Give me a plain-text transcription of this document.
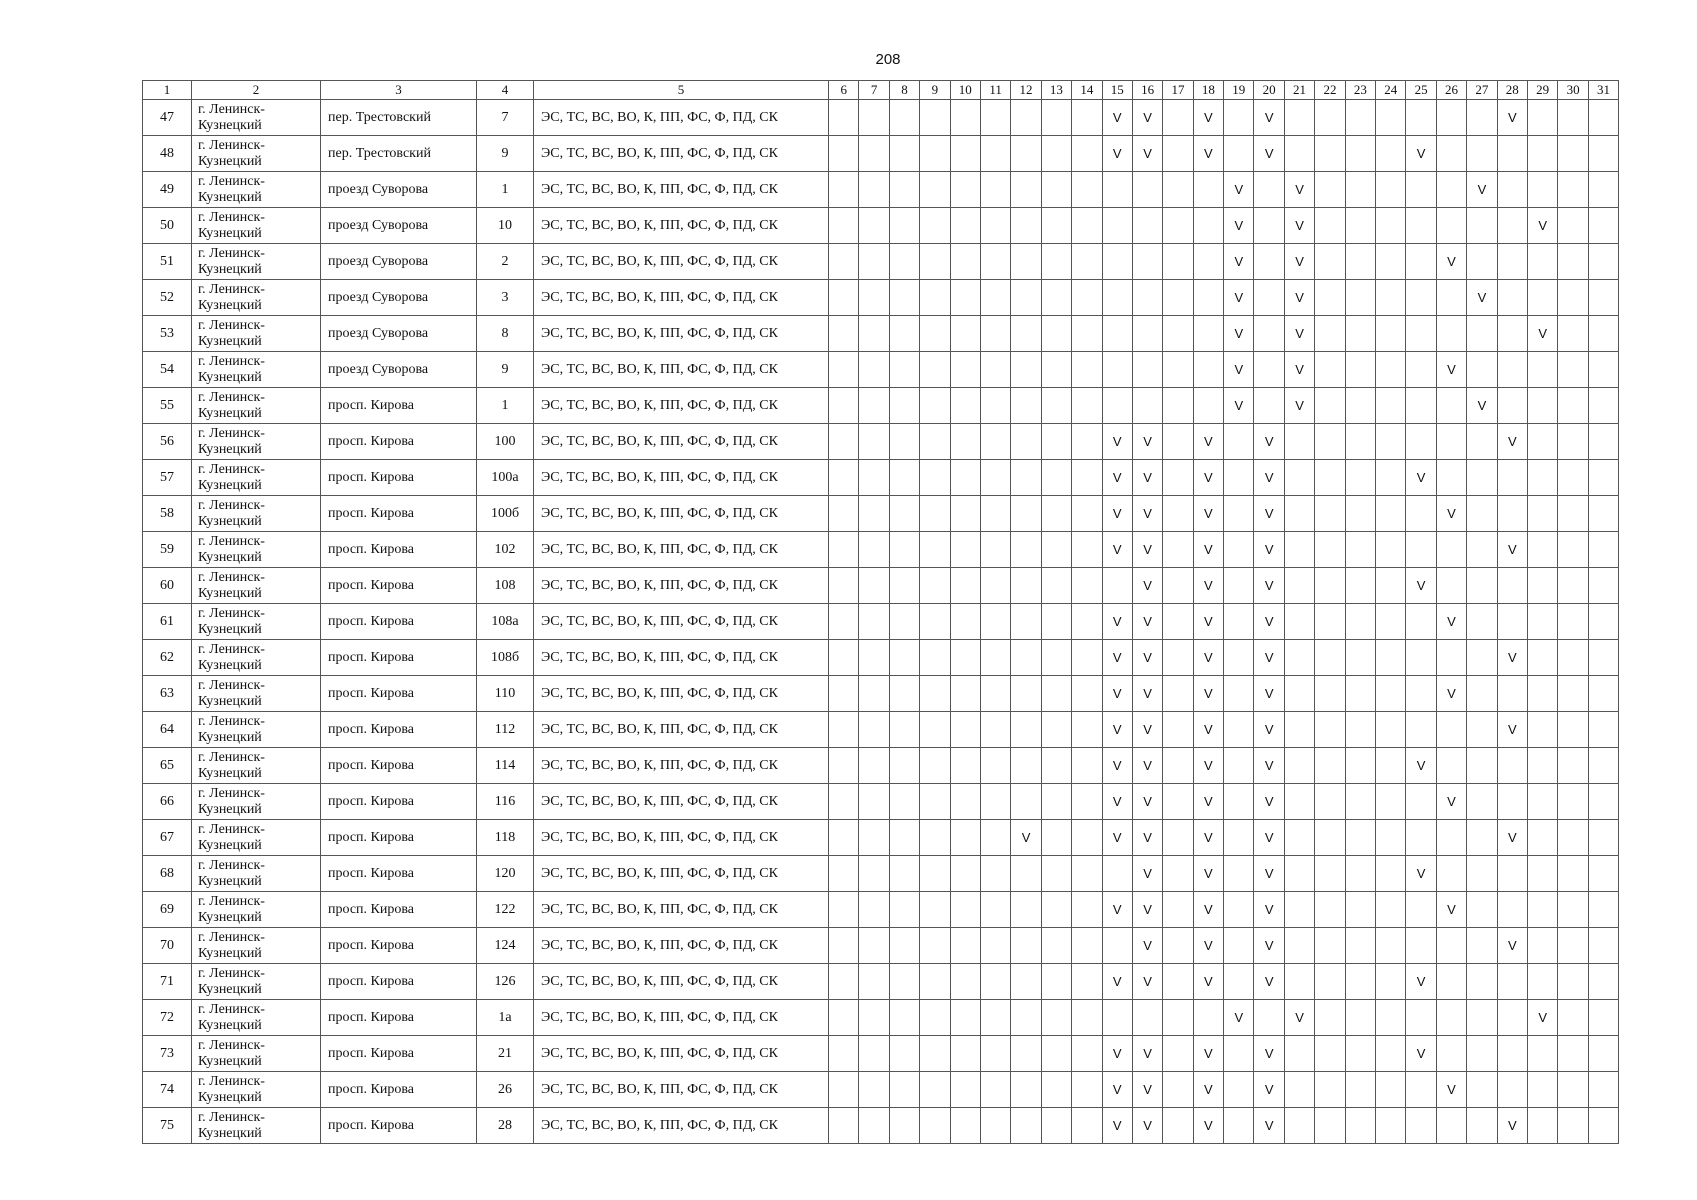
208
1	2	3	4	5	6	7	8	9	10	11	12	13	14	15	16	17	18	19	20	21	22	23	24	25	26	27	28	29	30	31
47	г. Ленинск-Кузнецкий	пер. Трестовский	7	ЭС, ТС, ВС, ВО, К, ПП, ФС, Ф, ПД, СК										V	V		V		V								V			
48	г. Ленинск-Кузнецкий	пер. Трестовский	9	ЭС, ТС, ВС, ВО, К, ПП, ФС, Ф, ПД, СК										V	V		V		V					V						
49	г. Ленинск-Кузнецкий	проезд Суворова	1	ЭС, ТС, ВС, ВО, К, ПП, ФС, Ф, ПД, СК														V		V						V				
50	г. Ленинск-Кузнецкий	проезд Суворова	10	ЭС, ТС, ВС, ВО, К, ПП, ФС, Ф, ПД, СК														V		V								V		
51	г. Ленинск-Кузнецкий	проезд Суворова	2	ЭС, ТС, ВС, ВО, К, ПП, ФС, Ф, ПД, СК														V		V					V					
52	г. Ленинск-Кузнецкий	проезд Суворова	3	ЭС, ТС, ВС, ВО, К, ПП, ФС, Ф, ПД, СК														V		V						V				
53	г. Ленинск-Кузнецкий	проезд Суворова	8	ЭС, ТС, ВС, ВО, К, ПП, ФС, Ф, ПД, СК														V		V								V		
54	г. Ленинск-Кузнецкий	проезд Суворова	9	ЭС, ТС, ВС, ВО, К, ПП, ФС, Ф, ПД, СК														V		V					V					
55	г. Ленинск-Кузнецкий	просп. Кирова	1	ЭС, ТС, ВС, ВО, К, ПП, ФС, Ф, ПД, СК														V		V						V				
56	г. Ленинск-Кузнецкий	просп. Кирова	100	ЭС, ТС, ВС, ВО, К, ПП, ФС, Ф, ПД, СК										V	V		V		V								V			
57	г. Ленинск-Кузнецкий	просп. Кирова	100а	ЭС, ТС, ВС, ВО, К, ПП, ФС, Ф, ПД, СК										V	V		V		V					V						
58	г. Ленинск-Кузнецкий	просп. Кирова	100б	ЭС, ТС, ВС, ВО, К, ПП, ФС, Ф, ПД, СК										V	V		V		V						V					
59	г. Ленинск-Кузнецкий	просп. Кирова	102	ЭС, ТС, ВС, ВО, К, ПП, ФС, Ф, ПД, СК										V	V		V		V								V			
60	г. Ленинск-Кузнецкий	просп. Кирова	108	ЭС, ТС, ВС, ВО, К, ПП, ФС, Ф, ПД, СК											V		V		V					V						
61	г. Ленинск-Кузнецкий	просп. Кирова	108а	ЭС, ТС, ВС, ВО, К, ПП, ФС, Ф, ПД, СК										V	V		V		V						V					
62	г. Ленинск-Кузнецкий	просп. Кирова	108б	ЭС, ТС, ВС, ВО, К, ПП, ФС, Ф, ПД, СК										V	V		V		V								V			
63	г. Ленинск-Кузнецкий	просп. Кирова	110	ЭС, ТС, ВС, ВО, К, ПП, ФС, Ф, ПД, СК										V	V		V		V						V					
64	г. Ленинск-Кузнецкий	просп. Кирова	112	ЭС, ТС, ВС, ВО, К, ПП, ФС, Ф, ПД, СК										V	V		V		V								V			
65	г. Ленинск-Кузнецкий	просп. Кирова	114	ЭС, ТС, ВС, ВО, К, ПП, ФС, Ф, ПД, СК										V	V		V		V					V						
66	г. Ленинск-Кузнецкий	просп. Кирова	116	ЭС, ТС, ВС, ВО, К, ПП, ФС, Ф, ПД, СК										V	V		V		V						V					
67	г. Ленинск-Кузнецкий	просп. Кирова	118	ЭС, ТС, ВС, ВО, К, ПП, ФС, Ф, ПД, СК							V			V	V		V		V								V			
68	г. Ленинск-Кузнецкий	просп. Кирова	120	ЭС, ТС, ВС, ВО, К, ПП, ФС, Ф, ПД, СК											V		V		V					V						
69	г. Ленинск-Кузнецкий	просп. Кирова	122	ЭС, ТС, ВС, ВО, К, ПП, ФС, Ф, ПД, СК										V	V		V		V						V					
70	г. Ленинск-Кузнецкий	просп. Кирова	124	ЭС, ТС, ВС, ВО, К, ПП, ФС, Ф, ПД, СК											V		V		V								V			
71	г. Ленинск-Кузнецкий	просп. Кирова	126	ЭС, ТС, ВС, ВО, К, ПП, ФС, Ф, ПД, СК										V	V		V		V					V						
72	г. Ленинск-Кузнецкий	просп. Кирова	1а	ЭС, ТС, ВС, ВО, К, ПП, ФС, Ф, ПД, СК														V		V								V		
73	г. Ленинск-Кузнецкий	просп. Кирова	21	ЭС, ТС, ВС, ВО, К, ПП, ФС, Ф, ПД, СК										V	V		V		V					V						
74	г. Ленинск-Кузнецкий	просп. Кирова	26	ЭС, ТС, ВС, ВО, К, ПП, ФС, Ф, ПД, СК										V	V		V		V						V					
75	г. Ленинск-Кузнецкий	просп. Кирова	28	ЭС, ТС, ВС, ВО, К, ПП, ФС, Ф, ПД, СК										V	V		V		V								V			
